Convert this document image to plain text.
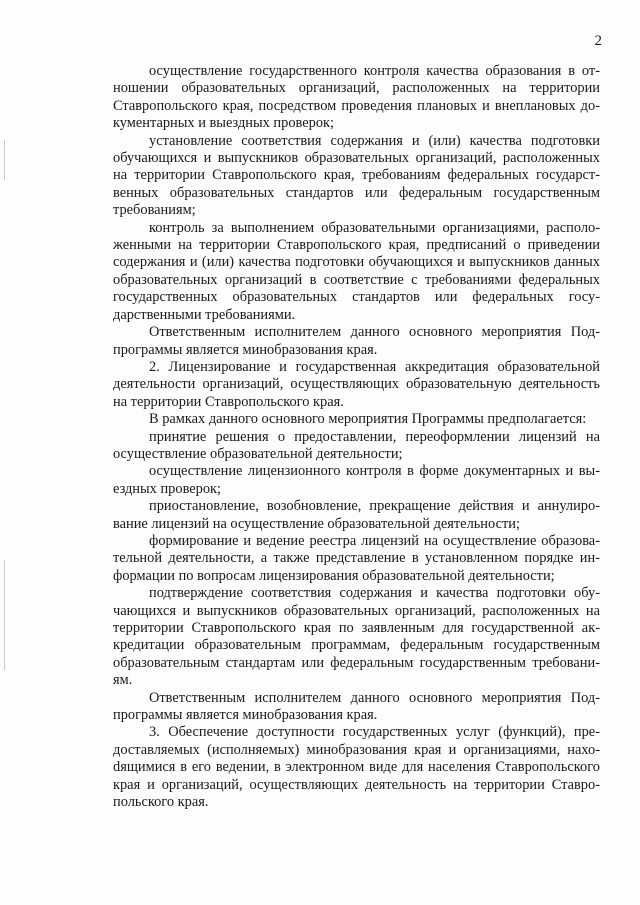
2

осуществление государственного контроля качества образования в отношении образовательных организаций, расположенных на территории Ставропольского края, посредством проведения плановых и внеплановых документарных и выездных проверок;

установление соответствия содержания и (или) качества подготовки обучающихся и выпускников образовательных организаций, расположенных на территории Ставропольского края, требованиям федеральных государственных образовательных стандартов или федеральным государственным требованиям;

контроль за выполнением образовательными организациями, расположенными на территории Ставропольского края, предписаний о приведении содержания и (или) качества подготовки обучающихся и выпускников данных образовательных организаций в соответствие с требованиями федеральных государственных образовательных стандартов или федеральных государственными требованиями.

Ответственным исполнителем данного основного мероприятия Подпрограммы является минобразования края.

2. Лицензирование и государственная аккредитация образовательной деятельности организаций, осуществляющих образовательную деятельность на территории Ставропольского края.

В рамках данного основного мероприятия Программы предполагается:

принятие решения о предоставлении, переоформлении лицензий на осуществление образовательной деятельности;

осуществление лицензионного контроля в форме документарных и выездных проверок;

приостановление, возобновление, прекращение действия и аннулирование лицензий на осуществление образовательной деятельности;

формирование и ведение реестра лицензий на осуществление образовательной деятельности, а также представление в установленном порядке информации по вопросам лицензирования образовательной деятельности;

подтверждение соответствия содержания и качества подготовки обучающихся и выпускников образовательных организаций, расположенных на территории Ставропольского края по заявленным для государственной аккредитации образовательным программам, федеральным государственным образовательным стандартам или федеральным государственным требованиям.

Ответственным исполнителем данного основного мероприятия Подпрограммы является минобразования края.

3. Обеспечение доступности государственных услуг (функций), предоставляемых (исполняемых) минобразования края и организациями, нахоdящимися в его ведении, в электронном виде для населения Ставропольского края и организаций, осуществляющих деятельность на территории Ставропольского края.
